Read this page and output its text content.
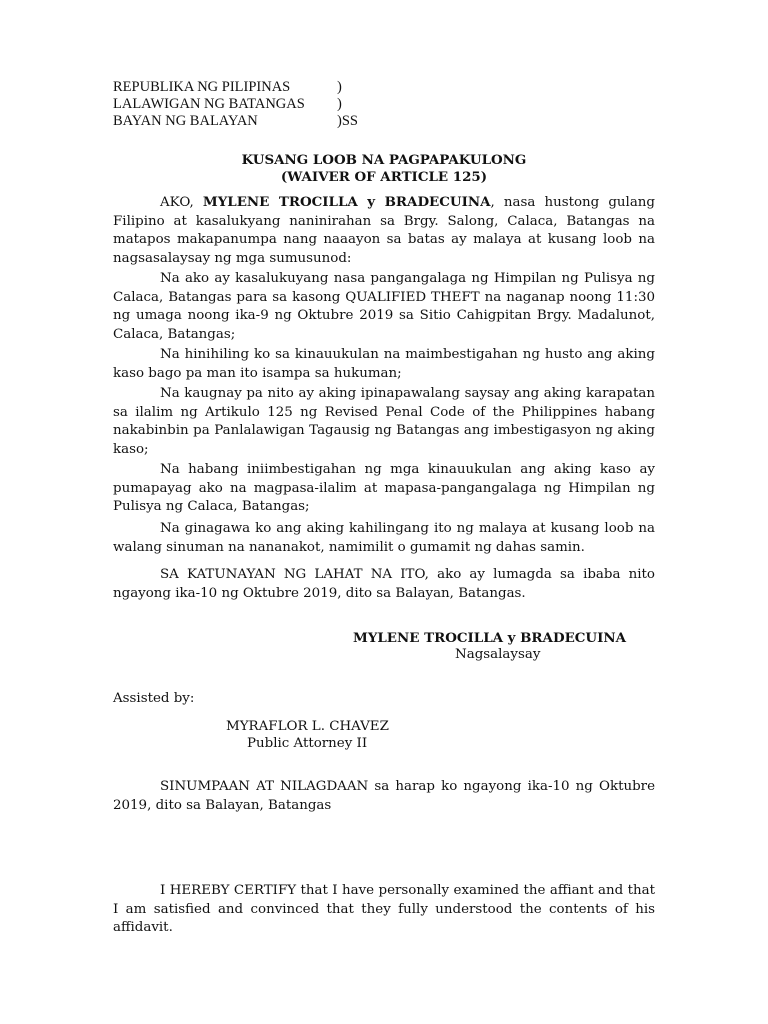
REPUBLIKA NG PILIPINAS	)
LALAWIGAN NG BATANGAS	)
BAYAN NG BALAYAN	)SS
KUSANG LOOB NA PAGPAPAKULONG
(WAIVER OF ARTICLE 125)
AKO, MYLENE TROCILLA y BRADECUINA, nasa hustong gulang Filipino at kasalukyang naninirahan sa Brgy. Salong, Calaca, Batangas na matapos makapanumpa nang naaayon sa batas ay malaya at kusang loob na nagsasalaysay ng mga sumusunod:
Na ako ay kasalukuyang nasa pangangalaga ng Himpilan ng Pulisya ng Calaca, Batangas para sa kasong QUALIFIED THEFT na naganap noong 11:30 ng umaga noong ika-9 ng Oktubre 2019 sa Sitio Cahigpitan Brgy. Madalunot, Calaca, Batangas;
Na hinihiling ko sa kinauukulan na maimbestigahan ng husto ang aking kaso bago pa man ito isampa sa hukuman;
Na kaugnay pa nito ay aking ipinapawalang saysay ang aking karapatan sa ilalim ng Artikulo 125 ng Revised Penal Code of the Philippines habang nakabinbin pa Panlalawigan Tagausig ng Batangas ang imbestigasyon ng aking kaso;
Na habang iniimbestigahan ng mga kinauukulan ang aking kaso ay pumapayag ako na magpasa-ilalim at mapasa-pangangalaga ng Himpilan ng Pulisya ng Calaca, Batangas;
Na ginagawa ko ang aking kahilingang ito ng malaya at kusang loob na walang sinuman na nananakot, namimilit o gumamit ng dahas samin.
SA KATUNAYAN NG LAHAT NA ITO, ako ay lumagda sa ibaba nito ngayong ika-10 ng Oktubre 2019, dito sa Balayan, Batangas.
MYLENE TROCILLA y BRADECUINA
Nagsalaysay
Assisted by:
MYRAFLOR L. CHAVEZ
Public Attorney II
SINUMPAAN AT NILAGDAAN sa harap ko ngayong ika-10 ng Oktubre 2019, dito sa Balayan, Batangas
I HEREBY CERTIFY that I have personally examined the affiant and that I am satisfied and convinced that they fully understood the contents of his affidavit.
